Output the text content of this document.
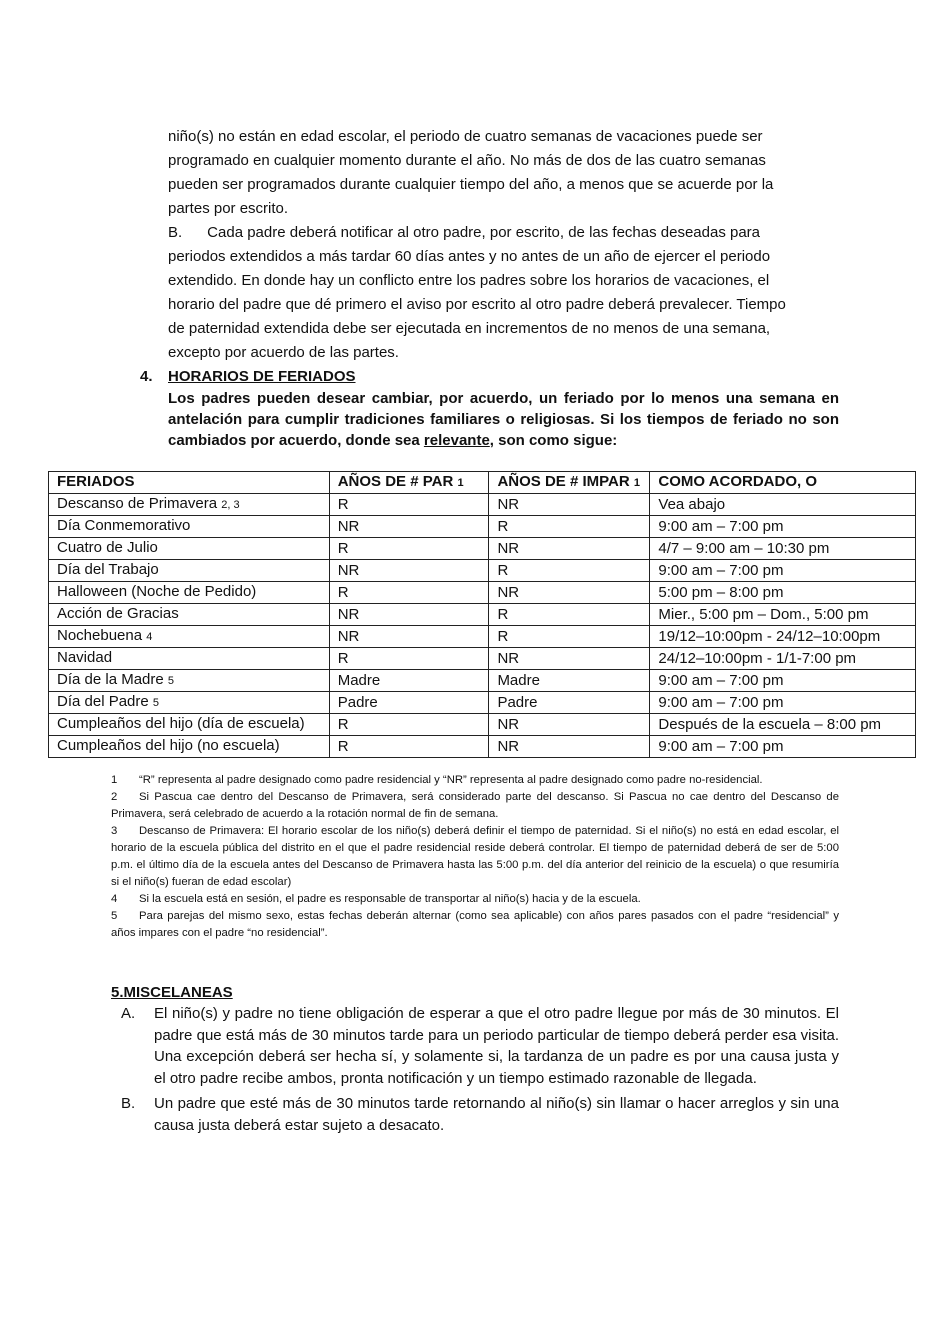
niño(s) no están en edad escolar, el periodo de cuatro semanas de vacaciones puede ser

programado en cualquier momento durante el año. No más de dos de las cuatro semanas

pueden ser programados durante cualquier tiempo del año, a menos que se acuerde por la

partes por escrito.

B.      Cada padre deberá notificar al otro padre, por escrito, de las fechas deseadas para

periodos extendidos a más tardar 60 días antes y no antes de un año de ejercer el periodo

extendido. En donde hay un conflicto entre los padres sobre los horarios de vacaciones, el

horario del padre que dé primero el aviso por escrito al otro padre deberá prevalecer. Tiempo

de paternidad extendida debe ser ejecutada en incrementos de no menos de una semana,

excepto por acuerdo de las partes.

4. HORARIOS DE FERIADOS
Los padres pueden desear cambiar, por acuerdo, un feriado por lo menos una semana en antelación para cumplir tradiciones familiares o religiosas. Si los tiempos de feriado no son cambiados por acuerdo, donde sea relevante, son como sigue:
FERIADOS	AÑOS DE # PAR 1	AÑOS DE # IMPAR 1	COMO ACORDADO, O
Descanso de Primavera 2, 3	R	NR	Vea abajo
Día Conmemorativo	NR	R	9:00 am – 7:00 pm
Cuatro de Julio	R	NR	4/7 – 9:00 am – 10:30 pm
Día del Trabajo	NR	R	9:00 am – 7:00 pm
Halloween (Noche de Pedido)	R	NR	5:00 pm – 8:00 pm
Acción de Gracias	NR	R	Mier., 5:00 pm – Dom., 5:00 pm
Nochebuena 4	NR	R	19/12–10:00pm - 24/12–10:00pm
Navidad	R	NR	24/12–10:00pm - 1/1-7:00 pm
Día de la Madre 5	Madre	Madre	9:00 am – 7:00 pm
Día del Padre 5	Padre	Padre	9:00 am – 7:00 pm
Cumpleaños del hijo (día de escuela)	R	NR	Después de la escuela – 8:00 pm
Cumpleaños del hijo (no escuela)	R	NR	9:00 am – 7:00 pm

1 “R” representa al padre designado como padre residencial y “NR” representa al padre designado como padre no-residencial.

2 Si Pascua cae dentro del Descanso de Primavera, será considerado parte del descanso. Si Pascua no cae dentro del Descanso de Primavera, será celebrado de acuerdo a la rotación normal de fin de semana.

3 Descanso de Primavera: El horario escolar de los niño(s) deberá definir el tiempo de paternidad. Si el niño(s) no está en edad escolar, el horario de la escuela pública del distrito en el que el padre residencial reside deberá controlar. El tiempo de paternidad deberá de ser de 5:00 p.m. el último día de la escuela antes del Descanso de Primavera hasta las 5:00 p.m. del día anterior del reinicio de la escuela) o que resumiría si el niño(s) fueran de edad escolar)

4 Si la escuela está en sesión, el padre es responsable de transportar al niño(s) hacia y de la escuela.

5 Para parejas del mismo sexo, estas fechas deberán alternar (como sea aplicable) con años pares pasados con el padre “residencial” y años impares con el padre “no residencial”.

5.MISCELANEAS
A. El niño(s) y padre no tiene obligación de esperar a que el otro padre llegue por más de 30 minutos. El padre que está más de 30 minutos tarde para un periodo particular de tiempo deberá perder esa visita. Una excepción deberá ser hecha sí, y solamente si, la tardanza de un padre es por una causa justa y el otro padre recibe ambos, pronta notificación y un tiempo estimado razonable de llegada.
B. Un padre que esté más de 30 minutos tarde retornando al niño(s) sin llamar o hacer arreglos y sin una causa justa deberá estar sujeto a desacato.
